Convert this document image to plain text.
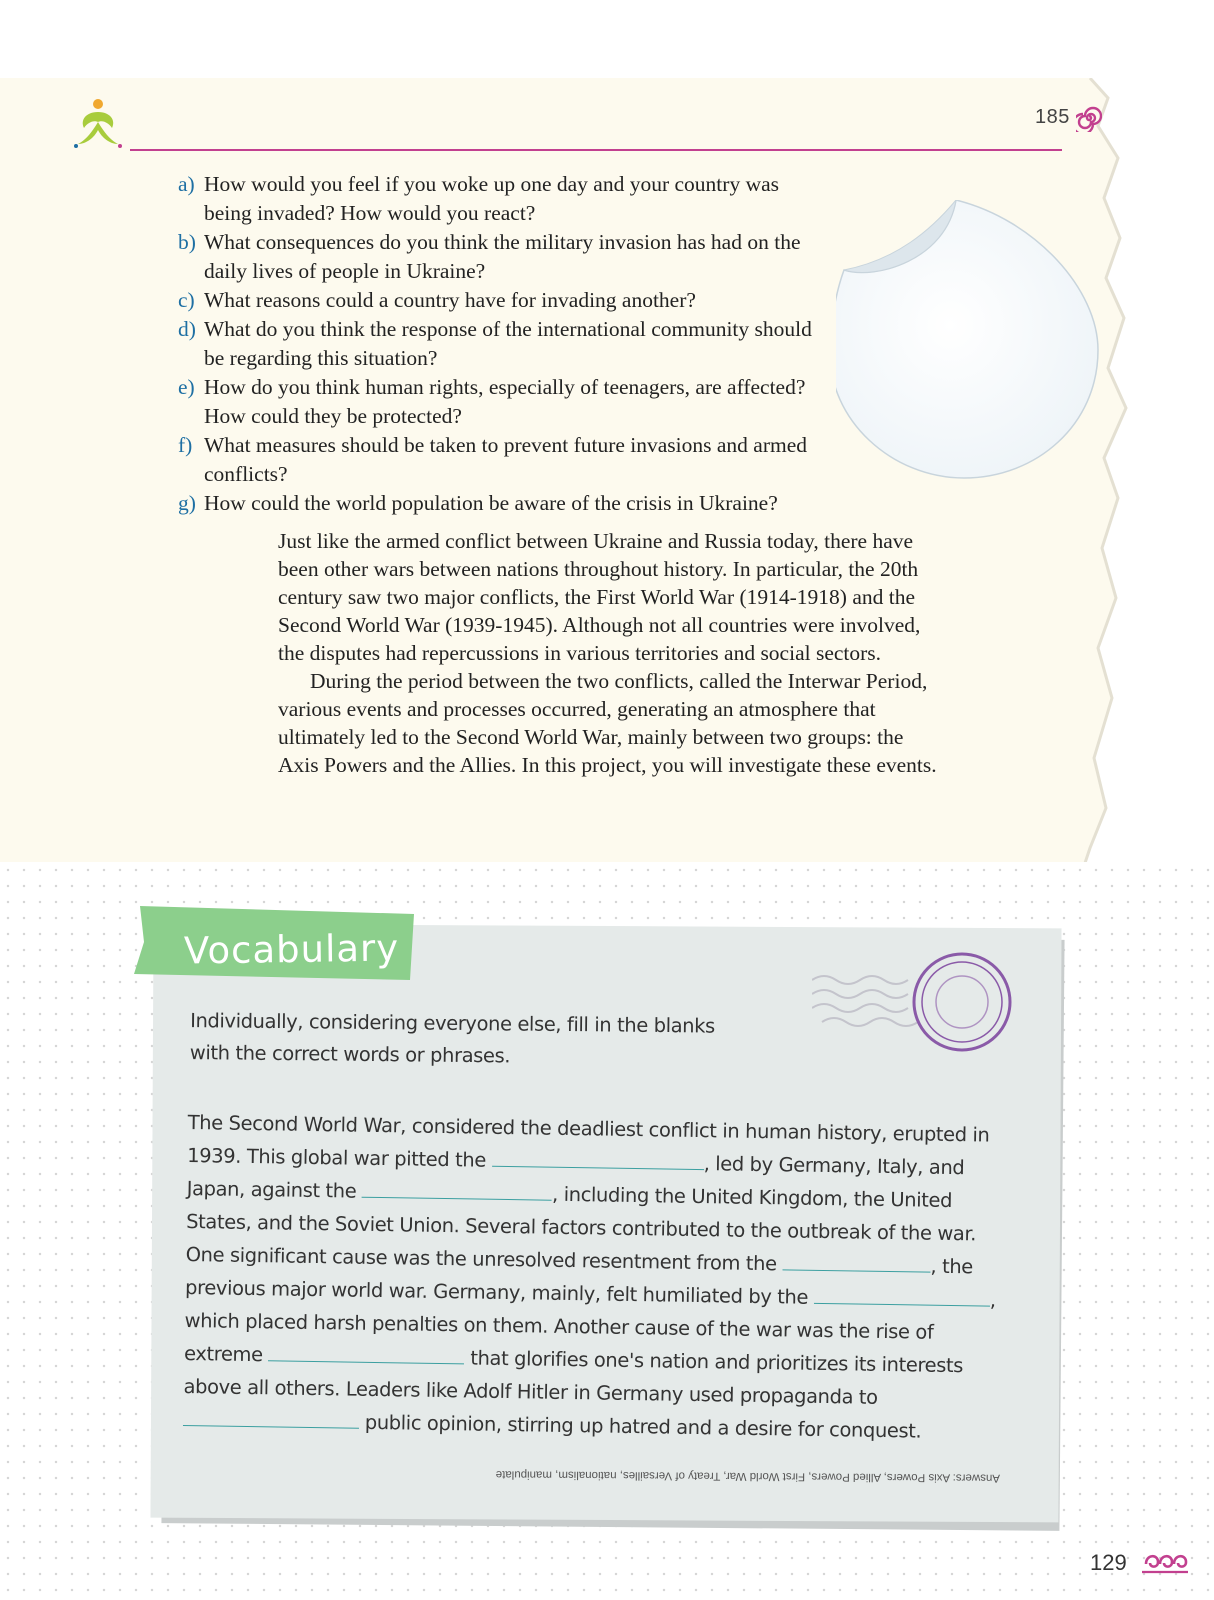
185
a) How would you feel if you woke up one day and your country was being invaded? How would you react?
b) What consequences do you think the military invasion has had on the daily lives of people in Ukraine?
c) What reasons could a country have for invading another?
d) What do you think the response of the international community should be regarding this situation?
e) How do you think human rights, especially of teenagers, are affected? How could they be protected?
f) What measures should be taken to prevent future invasions and armed conflicts?
g) How could the world population be aware of the crisis in Ukraine?

Just like the armed conflict between Ukraine and Russia today, there have been other wars between nations throughout history. In particular, the 20th century saw two major conflicts, the First World War (1914-1918) and the Second World War (1939-1945). Although not all countries were involved, the disputes had repercussions in various territories and social sectors.

During the period between the two conflicts, called the Interwar Period, various events and processes occurred, generating an atmosphere that ultimately led to the Second World War, mainly between two groups: the Axis Powers and the Allies. In this project, you will investigate these events.

Vocabulary
Individually, considering everyone else, fill in the blanks with the correct words or phrases.
The Second World War, considered the deadliest conflict in human history, erupted in 1939. This global war pitted the	, led by Germany, Italy, and Japan, against the	, including the United Kingdom, the United States, and the Soviet Union. Several factors contributed to the outbreak of the war. One significant cause was the unresolved resentment from the	, the previous major world war. Germany, mainly, felt humiliated by the	, which placed harsh penalties on them. Another cause of the war was the rise of extreme	that glorifies one's nation and prioritizes its interests above all others. Leaders like Adolf Hitler in Germany used propaganda to  public opinion, stirring up hatred and a desire for conquest.
Answers: Axis Powers, Allied Powers, First World War, Treaty of Versailles, nationalism, manipulate
129
